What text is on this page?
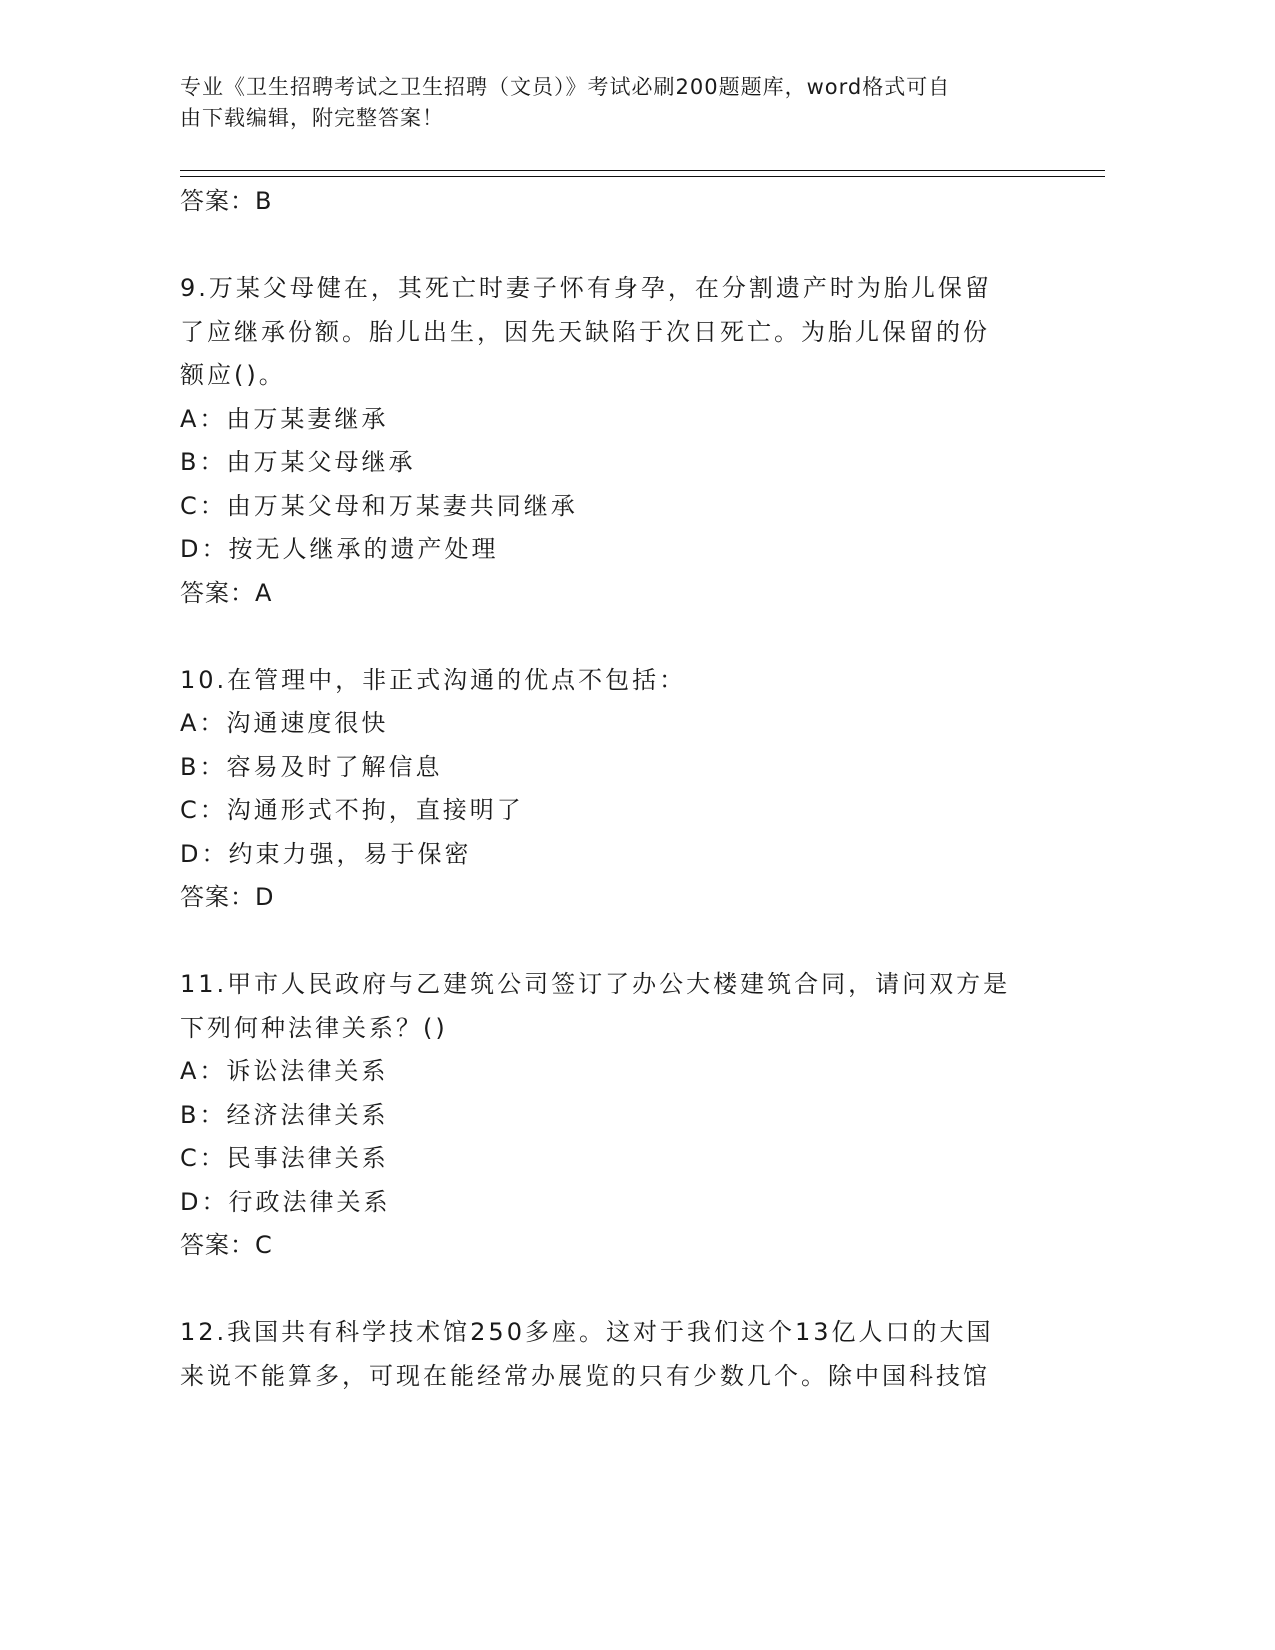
专业《卫生招聘考试之卫生招聘（文员）》考试必刷200题题库，word格式可自
由下载编辑，附完整答案！
答案：B
9.万某父母健在，其死亡时妻子怀有身孕，在分割遗产时为胎儿保留
了应继承份额。胎儿出生，因先天缺陷于次日死亡。为胎儿保留的份
额应()。
A：由万某妻继承
B：由万某父母继承
C：由万某父母和万某妻共同继承
D：按无人继承的遗产处理
答案：A
10.在管理中，非正式沟通的优点不包括：
A：沟通速度很快
B：容易及时了解信息
C：沟通形式不拘，直接明了
D：约束力强，易于保密
答案：D
11.甲市人民政府与乙建筑公司签订了办公大楼建筑合同，请问双方是
下列何种法律关系？()
A：诉讼法律关系
B：经济法律关系
C：民事法律关系
D：行政法律关系
答案：C
12.我国共有科学技术馆250多座。这对于我们这个13亿人口的大国
来说不能算多，可现在能经常办展览的只有少数几个。除中国科技馆
